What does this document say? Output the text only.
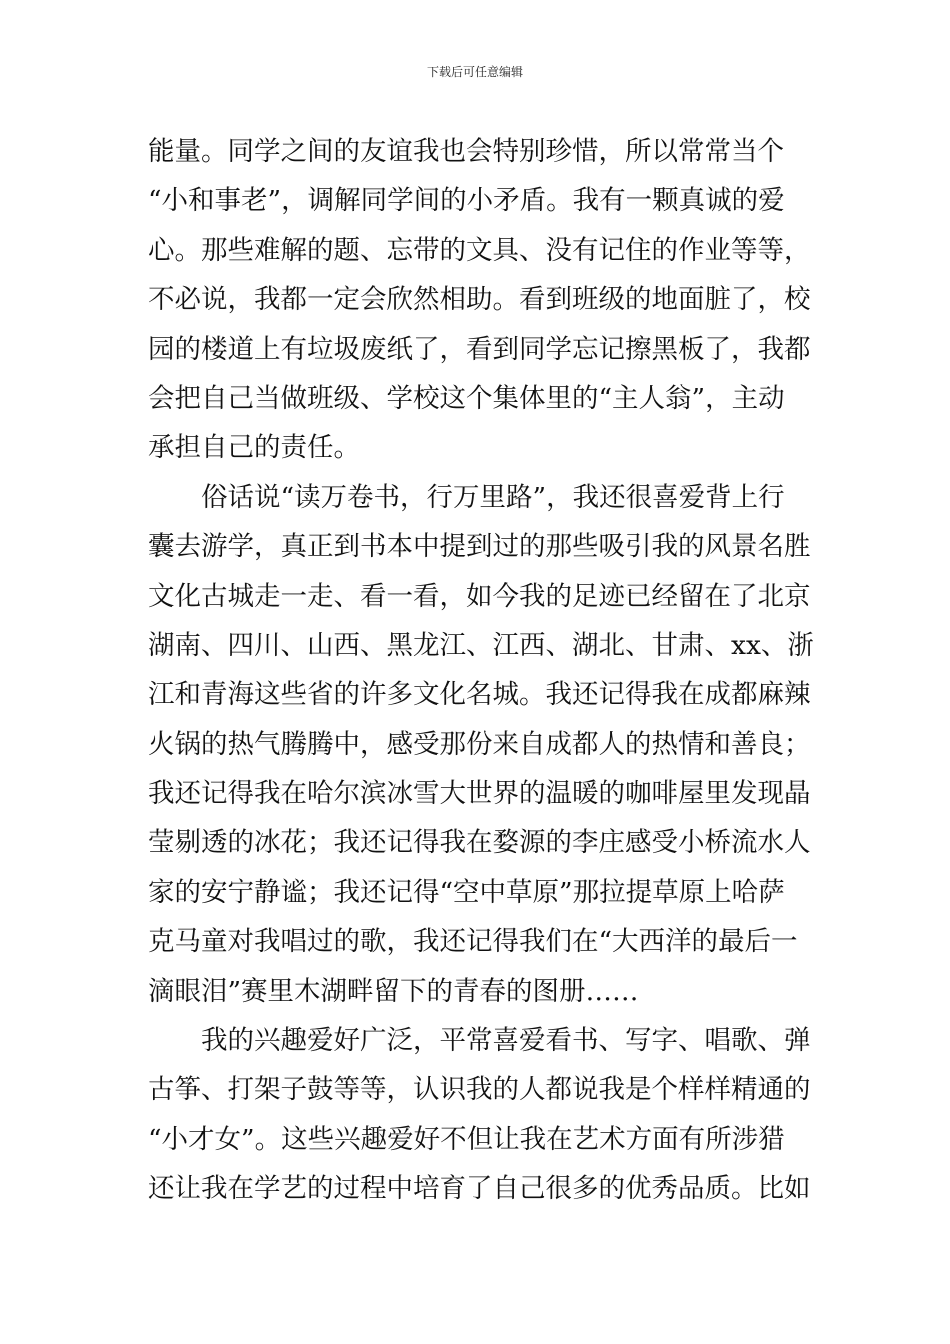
下载后可任意编辑
能量。同学之间的友谊我也会特别珍惜，所以常常当个
“小和事老”，调解同学间的小矛盾。我有一颗真诚的爱
心。那些难解的题、忘带的文具、没有记住的作业等等，
不必说，我都一定会欣然相助。看到班级的地面脏了，校
园的楼道上有垃圾废纸了，看到同学忘记擦黑板了，我都
会把自己当做班级、学校这个集体里的“主人翁”，主动
承担自己的责任。
俗话说“读万卷书，行万里路”，我还很喜爱背上行
囊去游学，真正到书本中提到过的那些吸引我的风景名胜
文化古城走一走、看一看，如今我的足迹已经留在了北京
湖南、四川、山西、黑龙江、江西、湖北、甘肃、xx、浙
江和青海这些省的许多文化名城。我还记得我在成都麻辣
火锅的热气腾腾中，感受那份来自成都人的热情和善良；
我还记得我在哈尔滨冰雪大世界的温暖的咖啡屋里发现晶
莹剔透的冰花；我还记得我在婺源的李庄感受小桥流水人
家的安宁静谧；我还记得“空中草原”那拉提草原上哈萨
克马童对我唱过的歌，我还记得我们在“大西洋的最后一
滴眼泪”赛里木湖畔留下的青春的图册……
我的兴趣爱好广泛，平常喜爱看书、写字、唱歌、弹
古筝、打架子鼓等等，认识我的人都说我是个样样精通的
“小才女”。这些兴趣爱好不但让我在艺术方面有所涉猎
还让我在学艺的过程中培育了自己很多的优秀品质。比如
